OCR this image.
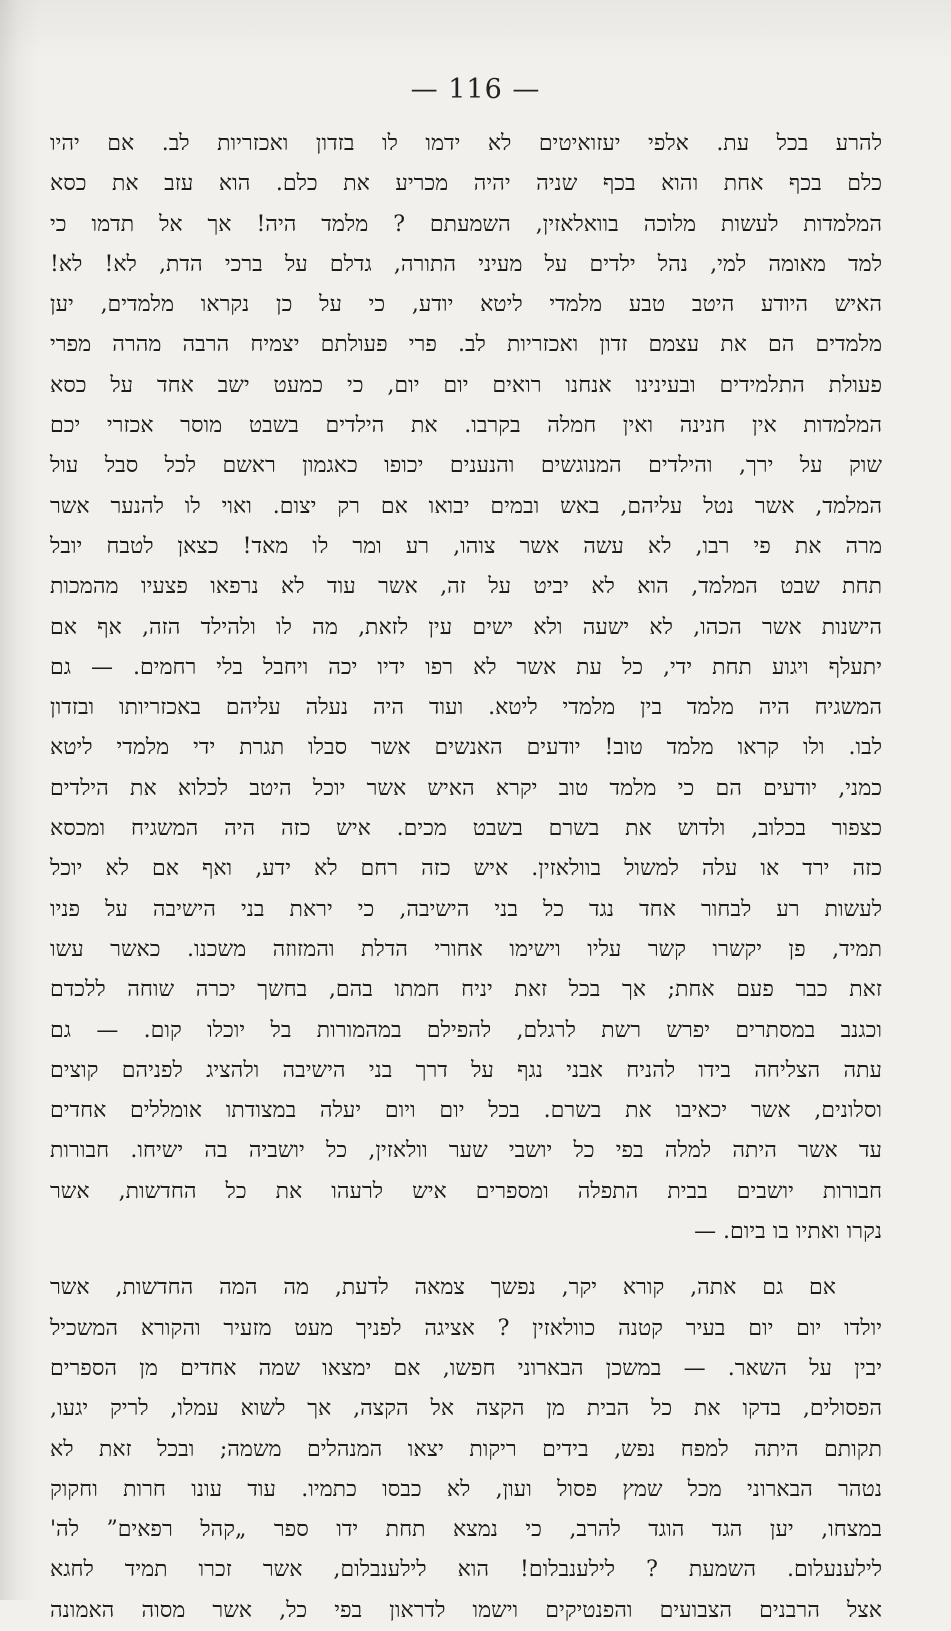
— 116 —
להרע בכל עת. אלפי יעזואיטים לא ידמו לו בזדון ואכזריות לב. אם יהיו
כלם בכף אחת והוא בכף שניה יהיה מכריע את כלם. הוא עזב את כסא
המלמדות לעשות מלוכה בוואלאזין, השמעתם ? מלמד היה! אך אל תדמו כי
למד מאומה למי, נהל ילדים על מעיני התורה, גדלם על ברכי הדת, לא! לא!
האיש היודע היטב טבע מלמדי ליטא יודע, כי על כן נקראו מלמדים, יען
מלמדים הם את עצמם זדון ואכזריות לב. פרי פעולתם יצמיח הרבה מהרה מפרי
פעולת התלמידים ובעינינו אנחנו רואים יום יום, כי כמעט ישב אחד על כסא
המלמדות אין חנינה ואין חמלה בקרבו. את הילדים בשבט מוסר אכזרי יכם
שוק על ירך, והילדים המנוגשים והנענים יכופו כאגמון ראשם לכל סבל עול
המלמד, אשר נטל עליהם, באש ובמים יבואו אם רק יצום. ואוי לו להנער אשר
מרה את פי רבו, לא עשה אשר צוהו, רע ומר לו מאד! כצאן לטבח יובל
תחת שבט המלמד, הוא לא יביט על זה, אשר עוד לא נרפאו פצעיו מהמכות
הישנות אשר הכהו, לא ישעה ולא ישים עין לזאת, מה לו ולהילד הזה, אף אם
יתעלף ויגוע תחת ידי, כל עת אשר לא רפו ידיו יכה ויחבל בלי רחמים. — גם
המשגיח היה מלמד בין מלמדי ליטא. ועוד היה נעלה עליהם באכזריותו ובזדון
לבו. ולו קראו מלמד טוב! יודעים האנשים אשר סבלו תגרת ידי מלמדי ליטא
כמני, יודעים הם כי מלמד טוב יקרא האיש אשר יוכל היטב לכלוא את הילדים
כצפור בכלוב, ולדוש את בשרם בשבט מכים. איש כזה היה המשגיח ומכסא
כזה ירד או עלה למשול בוולאזין. איש כזה רחם לא ידע, ואף אם לא יוכל
לעשות רע לבחור אחד נגד כל בני הישיבה, כי יראת בני הישיבה על פניו
תמיד, פן יקשרו קשר עליו וישימו אחורי הדלת והמזוזה משכנו. כאשר עשו
זאת כבר פעם אחת; אך בכל זאת יניח חמתו בהם, בחשך יכרה שוחה ללכדם
וכגנב במסתרים יפרש רשת לרגלם, להפילם במהמורות בל יוכלו קום. — גם
עתה הצליחה בידו להניח אבני נגף על דרך בני הישיבה ולהציג לפניהם קוצים
וסלונים, אשר יכאיבו את בשרם. בכל יום ויום יעלה במצודתו אומללים אחדים
עד אשר היתה למלה בפי כל יושבי שער וולאזין, כל יושביה בה ישיחו. חבורות
חבורות יושבים בבית התפלה ומספרים איש לרעהו את כל החדשות, אשר
נקרו ואתיו בו ביום. —
אם גם אתה, קורא יקר, נפשך צמאה לדעת, מה המה החדשות, אשר
יולדו יום יום בעיר קטנה כוולאזין ? אציגה לפניך מעט מזעיר והקורא המשכיל
יבין על השאר. — במשכן הבארוני חפשו, אם ימצאו שמה אחדים מן הספרים
הפסולים, בדקו את כל הבית מן הקצה אל הקצה, אך לשוא עמלו, לריק יגעו,
תקותם היתה למפח נפש, בידים ריקות יצאו המנהלים משמה; ובכל זאת לא
נטהר הבארוני מכל שמץ פסול ועון, לא כבסו כתמיו. עוד עונו חרות וחקוק
במצחו, יען הגד הוגד להרב, כי נמצא תחת ידו ספר „קהל רפאים” לה'
לילענעלום. השמעת ? לילענבלום! הוא לילענבלום, אשר זכרו תמיד לחגא
אצל הרבנים הצבועים והפנטיקים וישמו לדראון בפי כל, אשר מסוה האמונה
